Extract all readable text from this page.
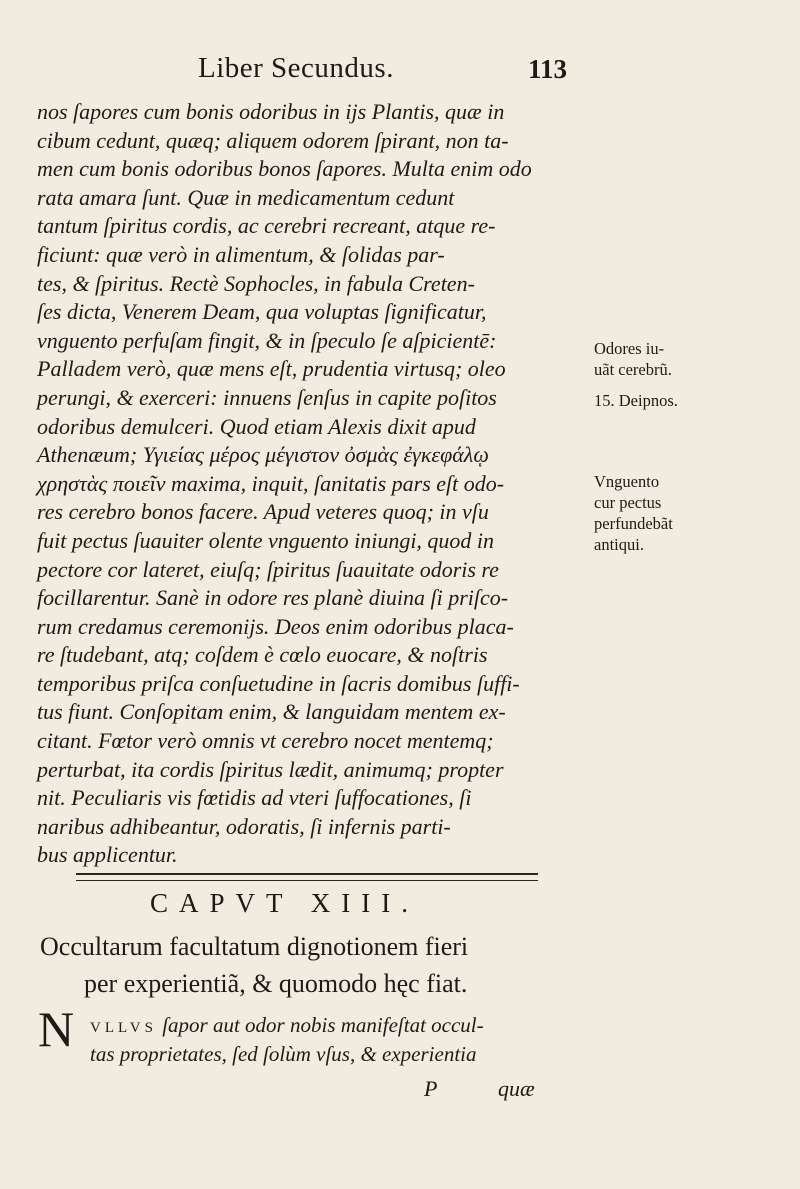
Liber Secundus.	113
nos ſapores cum bonis odoribus in ijs Plantis, quæ in
cibum cedunt, quæq; aliquem odorem ſpirant, non ta-
men cum bonis odoribus bonos ſapores. Multa enim odo
rata amara ſunt. Quæ in medicamentum cedunt
tantum ſpiritus cordis, ac cerebri recreant, atque re-
ficiunt: quæ verò in alimentum, & ſolidas par-
tes, & ſpiritus. Rectè Sophocles, in fabula Creten-
ſes dicta, Venerem Deam, qua voluptas ſignificatur,
vnguento perfuſam fingit, & in ſpeculo ſe aſpicientē:
Palladem verò, quæ mens eſt, prudentia virtusq; oleo
perungi, & exerceri: innuens ſenſus in capite poſitos
odoribus demulceri. Quod etiam Alexis dixit apud
Athenæum; Υγιείας μέρος μέγιστον ὀσμὰς ἐγκεφάλῳ
χρηστὰς ποιεῖν maxima, inquit, ſanitatis pars eſt odo-
res cerebro bonos facere. Apud veteres quoq; in vſu
fuit pectus ſuauiter olente vnguento iniungi, quod in
pectore cor lateret, eiuſq; ſpiritus ſuauitate odoris re
focillarentur. Sanè in odore res planè diuina ſi priſco-
rum credamus ceremonijs. Deos enim odoribus placa-
re ſtudebant, atq; coſdem è cœlo euocare, & noſtris
temporibus priſca conſuetudine in ſacris domibus ſuffi-
tus fiunt. Conſopitam enim, & languidam mentem ex-
citant. Fœtor verò omnis vt cerebro nocet mentemq;
perturbat, ita cordis ſpiritus lædit, animumq; propter
nit. Peculiaris vis fœtidis ad vteri ſuffocationes, ſi
naribus adhibeantur, odoratis, ſi infernis parti-
bus applicentur.
Odores iu-
uãt cerebrũ.
15. Deipnos.
Vnguento
cur pectus
perfundebãt
antiqui.
CAPVT XIII.
Occultarum facultatum dignotionem fieri
per experientiã, & quomodo hęc fiat.
N VLLVS ſapor aut odor nobis manifeſtat occul-
tas proprietates, ſed ſolùm vſus, & experientia
P	quæ
